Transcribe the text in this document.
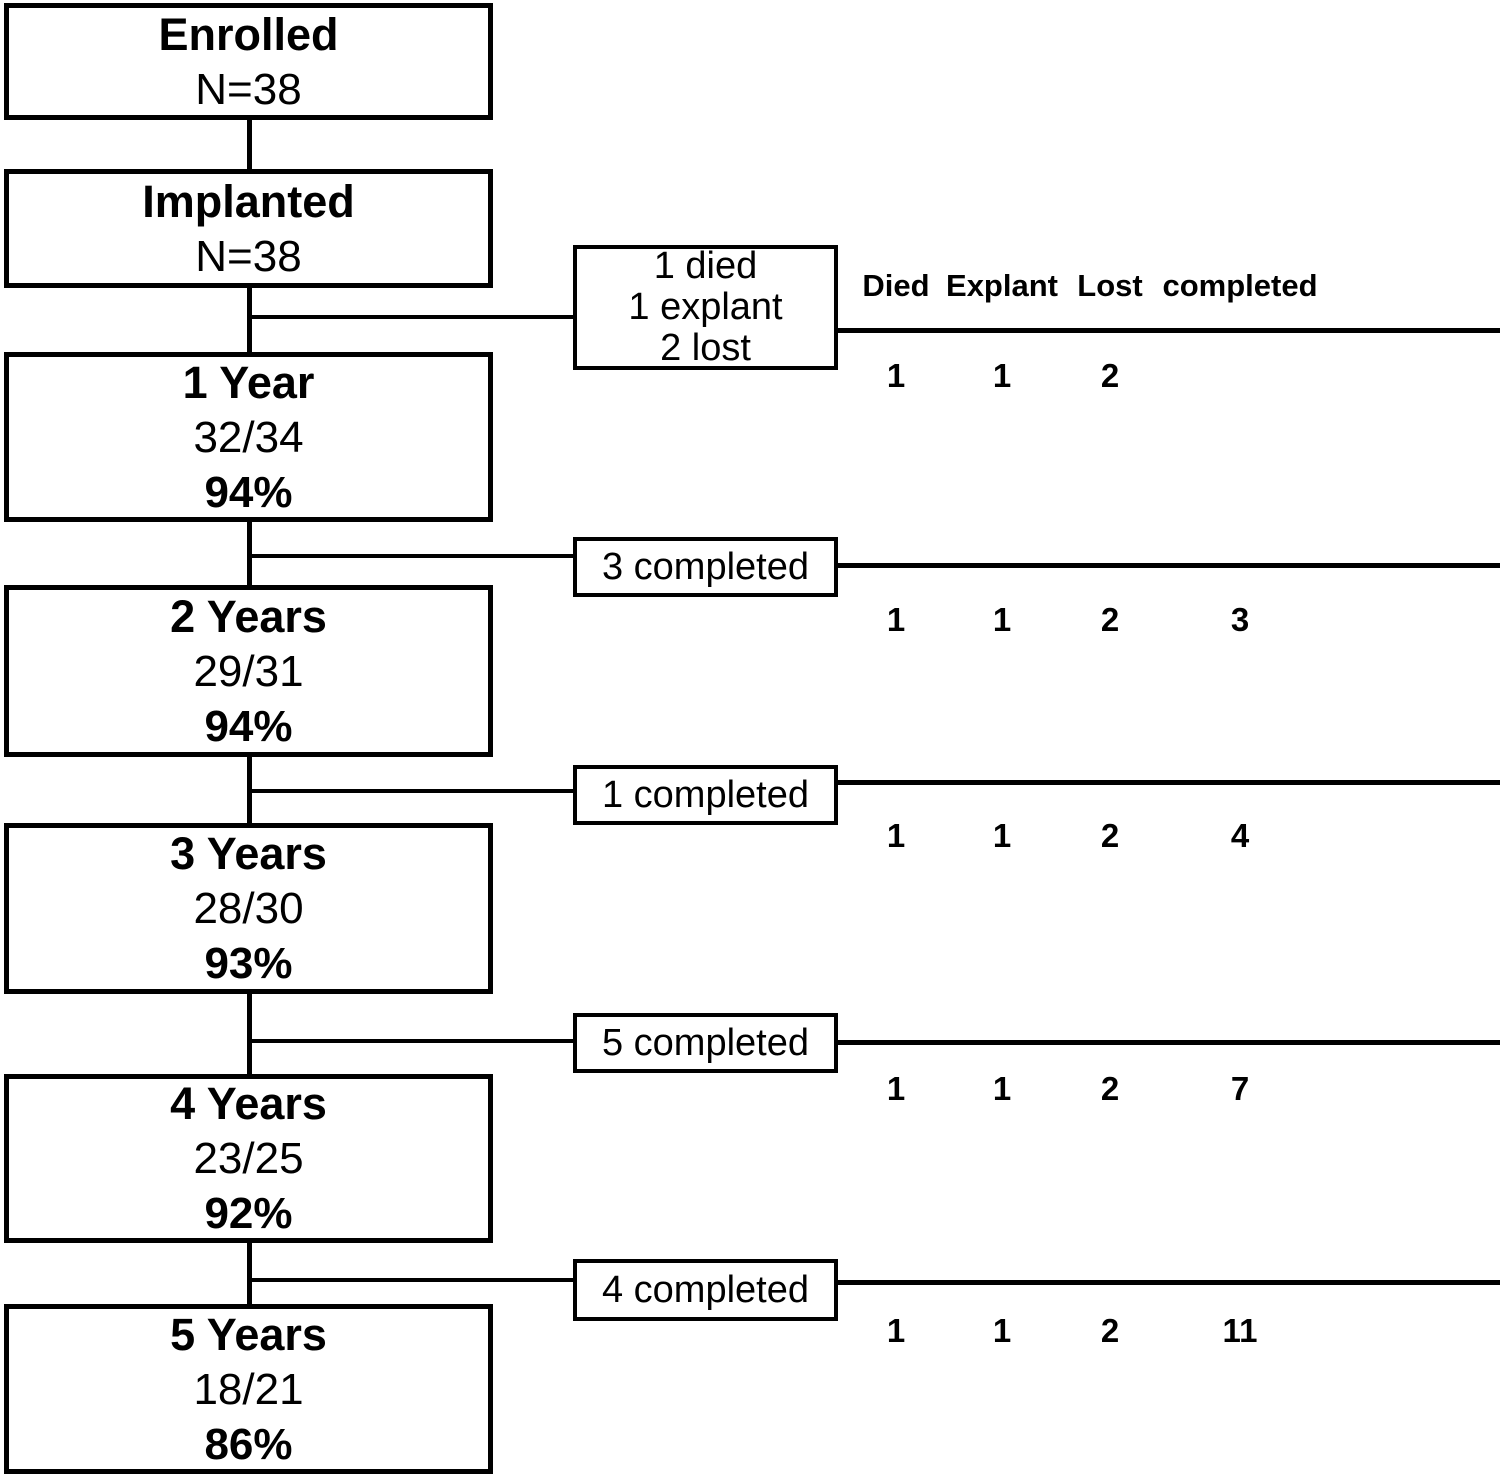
Enrolled
N=38
Implanted
N=38
1 Year
32/34
94%
2 Years
29/31
94%
3 Years
28/30
93%
4 Years
23/25
92%
5 Years
18/21
86%
1 died
1 explant
2 lost
3 completed
1 completed
5 completed
4 completed
Died Explant Lost completed
1	1	2
1	1	2	3
1	1	2	4
1	1	2	7
1	1	2	11
